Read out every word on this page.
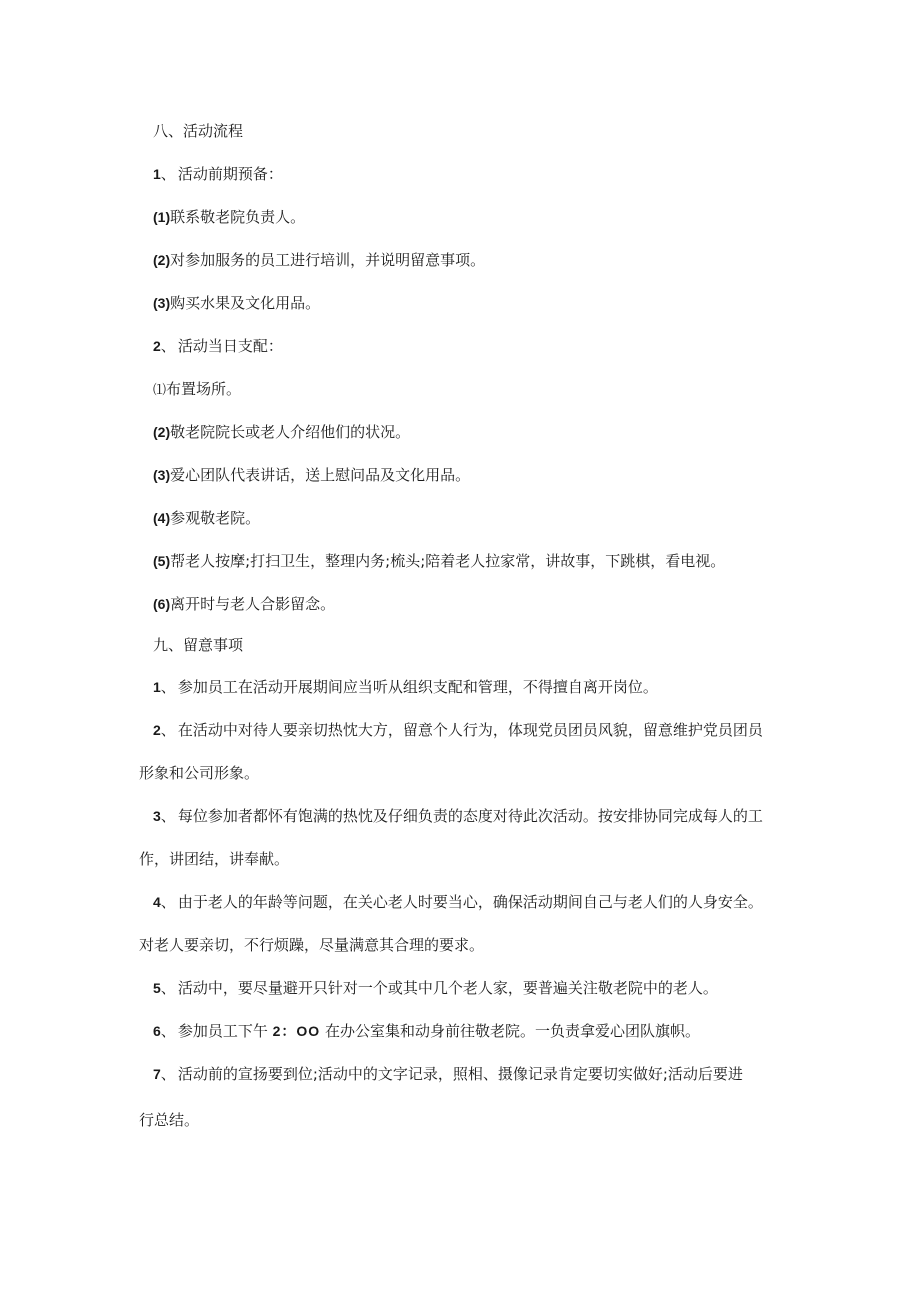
八、活动流程
1、 活动前期预备：
(1)联系敬老院负责人。
(2)对参加服务的员工进行培训，并说明留意事项。
(3)购买水果及文化用品。
2、 活动当日支配：
⑴布置场所。
(2)敬老院院长或老人介绍他们的状况。
(3)爱心团队代表讲话，送上慰问品及文化用品。
(4)参观敬老院。
(5)帮老人按摩;打扫卫生，整理内务;梳头;陪着老人拉家常，讲故事，下跳棋，看电视。
(6)离开时与老人合影留念。
九、留意事项
1、 参加员工在活动开展期间应当听从组织支配和管理，不得擅自离开岗位。
2、 在活动中对待人要亲切热忱大方，留意个人行为，体现党员团员风貌，留意维护党员团员
形象和公司形象。
3、 每位参加者都怀有饱满的热忱及仔细负责的态度对待此次活动。按安排协同完成每人的工
作，讲团结，讲奉献。
4、 由于老人的年龄等问题，在关心老人时要当心，确保活动期间自己与老人们的人身安全。
对老人要亲切，不行烦躁，尽量满意其合理的要求。
5、 活动中，要尽量避开只针对一个或其中几个老人家，要普遍关注敬老院中的老人。
6、 参加员工下午 2：OO 在办公室集和动身前往敬老院。一负责拿爱心团队旗帜。
7、 活动前的宣扬要到位;活动中的文字记录，照相、摄像记录肯定要切实做好;活动后要进
行总结。
